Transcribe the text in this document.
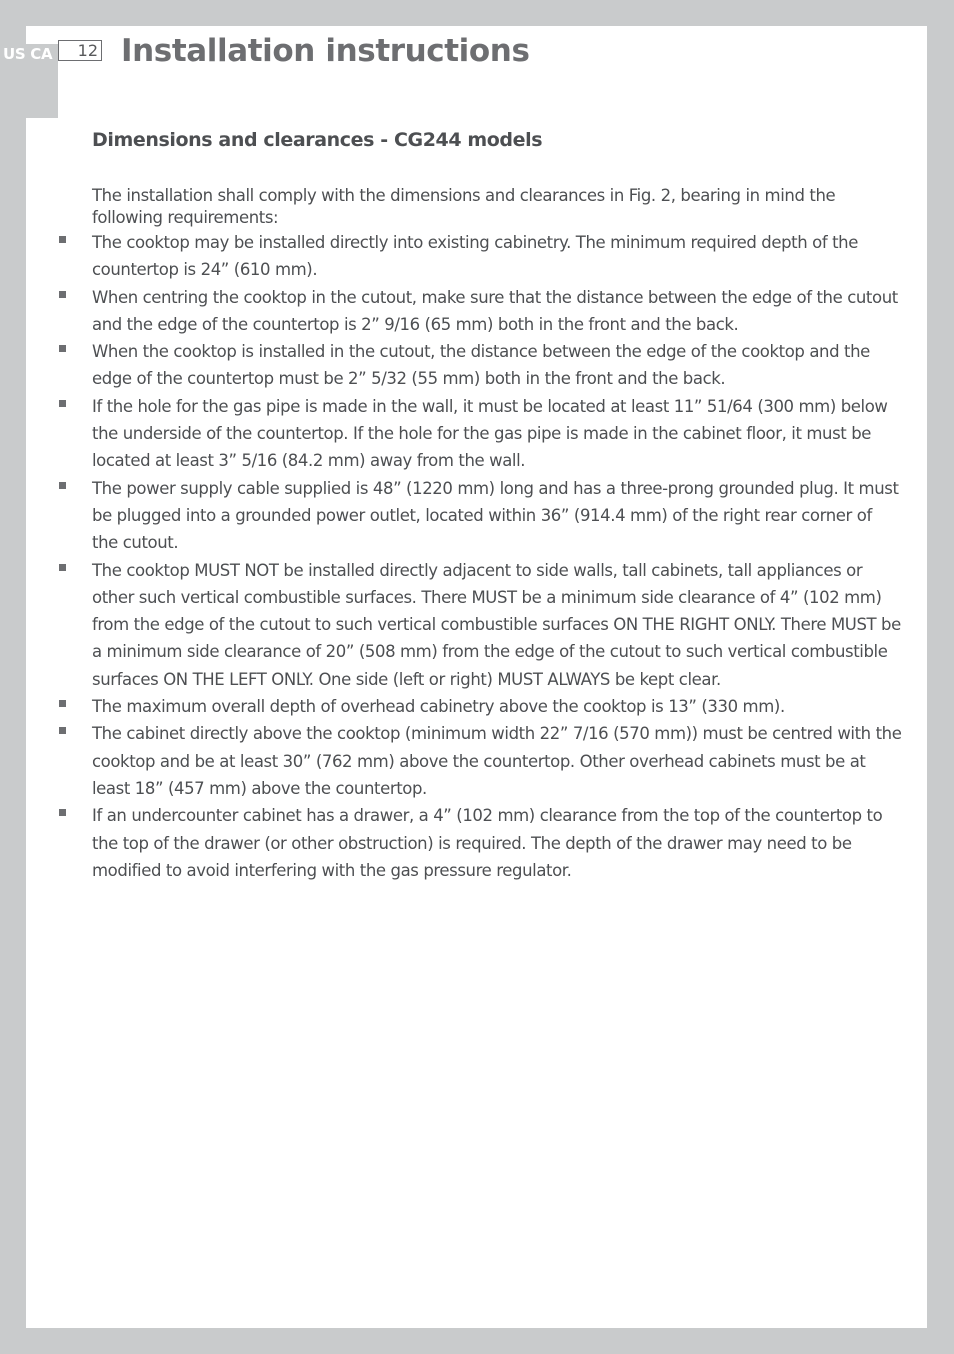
US CA	12 Installation instructions
Dimensions and clearances - CG244 models

The installation shall comply with the dimensions and clearances in Fig. 2, bearing in mind the following requirements:

The cooktop may be installed directly into existing cabinetry. The minimum required depth of the countertop is 24” (610 mm).
When centring the cooktop in the cutout, make sure that the distance between the edge of the cutout and the edge of the countertop is 2” 9/16 (65 mm) both in the front and the back.
When the cooktop is installed in the cutout, the distance between the edge of the cooktop and the edge of the countertop must be 2” 5/32 (55 mm) both in the front and the back.
If the hole for the gas pipe is made in the wall, it must be located at least 11” 51/64 (300 mm) below the underside of the countertop. If the hole for the gas pipe is made in the cabinet floor, it must be located at least 3” 5/16 (84.2 mm) away from the wall.
The power supply cable supplied is 48” (1220 mm) long and has a three-prong grounded plug. It must be plugged into a grounded power outlet, located within 36” (914.4 mm) of the right rear corner of the cutout.
The cooktop MUST NOT be installed directly adjacent to side walls, tall cabinets, tall appliances or other such vertical combustible surfaces. There MUST be a minimum side clearance of 4” (102 mm) from the edge of the cutout to such vertical combustible surfaces ON THE RIGHT ONLY. There MUST be a minimum side clearance of 20” (508 mm) from the edge of the cutout to such vertical combustible surfaces ON THE LEFT ONLY. One side (left or right) MUST ALWAYS be kept clear.
The maximum overall depth of overhead cabinetry above the cooktop is 13” (330 mm).
The cabinet directly above the cooktop (minimum width 22” 7/16 (570 mm)) must be centred with the cooktop and be at least 30” (762 mm) above the countertop. Other overhead cabinets must be at least 18” (457 mm) above the countertop.
If an undercounter cabinet has a drawer, a 4” (102 mm) clearance from the top of the countertop to the top of the drawer (or other obstruction) is required. The depth of the drawer may need to be modified to avoid interfering with the gas pressure regulator.
